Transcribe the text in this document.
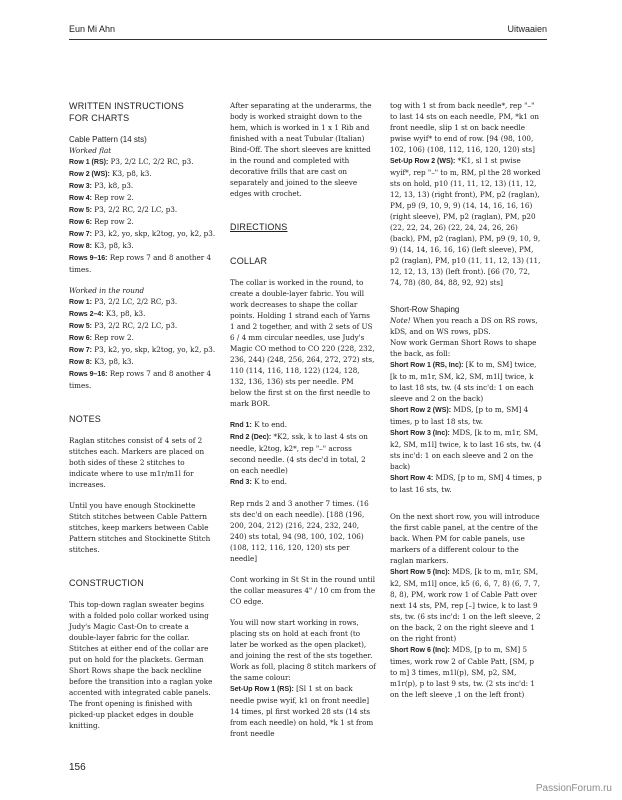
Eun Mi Ahn	Uitwaaien

WRITTEN INSTRUCTIONS
FOR CHARTS

Cable Pattern (14 sts)

Worked flat

Row 1 (RS): P3, 2/2 LC, 2/2 RC, p3.

Row 2 (WS): K3, p8, k3.

Row 3: P3, k8, p3.

Row 4: Rep row 2.

Row 5: P3, 2/2 RC, 2/2 LC, p3.

Row 6: Rep row 2.

Row 7: P3, k2, yo, skp, k2tog, yo, k2, p3.

Row 8: K3, p8, k3.

Rows 9–16: Rep rows 7 and 8 another 4 times.

Worked in the round

Row 1: P3, 2/2 LC, 2/2 RC, p3.

Rows 2–4: K3, p8, k3.

Row 5: P3, 2/2 RC, 2/2 LC, p3.

Row 6: Rep row 2.

Row 7: P3, k2, yo, skp, k2tog, yo, k2, p3.

Row 8: K3, p8, k3.

Rows 9–16: Rep rows 7 and 8 another 4 times.

NOTES

Raglan stitches consist of 4 sets of 2 stitches each. Markers are placed on both sides of these 2 stitches to indicate where to use m1r/m1l for increases.

Until you have enough Stockinette Stitch stitches between Cable Pattern stitches, keep markers between Cable Pattern stitches and Stockinette Stitch stitches.

CONSTRUCTION

This top-down raglan sweater begins with a folded polo collar worked using Judy's Magic Cast-On to create a double-layer fabric for the collar. Stitches at either end of the collar are put on hold for the plackets. German Short Rows shape the back neckline before the transition into a raglan yoke accented with integrated cable panels. The front opening is finished with picked-up placket edges in double knitting.

After separating at the underarms, the body is worked straight down to the hem, which is worked in 1 x 1 Rib and finished with a neat Tubular (Italian) Bind-Off. The short sleeves are knitted in the round and completed with decorative frills that are cast on separately and joined to the sleeve edges with crochet.

DIRECTIONS

COLLAR

The collar is worked in the round, to create a double-layer fabric. You will work decreases to shape the collar points. Holding 1 strand each of Yarns 1 and 2 together, and with 2 sets of US 6 / 4 mm circular needles, use Judy's Magic CO method to CO 220 (228, 232, 236, 244) (248, 256, 264, 272, 272) sts, 110 (114, 116, 118, 122) (124, 128, 132, 136, 136) sts per needle. PM below the first st on the first needle to mark BOR.

Rnd 1: K to end.

Rnd 2 (Dec): *K2, ssk, k to last 4 sts on needle, k2tog, k2*, rep "–" across second needle. (4 sts dec'd in total, 2 on each needle)

Rnd 3: K to end.

Rep rnds 2 and 3 another 7 times. (16 sts dec'd on each needle). [188 (196, 200, 204, 212) (216, 224, 232, 240, 240) sts total, 94 (98, 100, 102, 106) (108, 112, 116, 120, 120) sts per needle]

Cont working in St St in the round until the collar measures 4" / 10 cm from the CO edge.

You will now start working in rows, placing sts on hold at each front (to later be worked as the open placket), and joining the rest of the sts together. Work as foll, placing 8 stitch markers of the same colour:

Set-Up Row 1 (RS): [Sl 1 st on back needle pwise wyif, k1 on front needle] 14 times, pl first worked 28 sts (14 sts from each needle) on hold, *k 1 st from front needle

tog with 1 st from back needle*, rep "–" to last 14 sts on each needle, PM, *k1 on front needle, slip 1 st on back needle pwise wyif* to end of row. [94 (98, 100, 102, 106) (108, 112, 116, 120, 120) sts]

Set-Up Row 2 (WS): *K1, sl 1 st pwise wyif*, rep "–" to m, RM, pl the 28 worked sts on hold, p10 (11, 11, 12, 13) (11, 12, 12, 13, 13) (right front), PM, p2 (raglan), PM, p9 (9, 10, 9, 9) (14, 14, 16, 16, 16) (right sleeve), PM, p2 (raglan), PM, p20 (22, 22, 24, 26) (22, 24, 24, 26, 26) (back), PM, p2 (raglan), PM, p9 (9, 10, 9, 9) (14, 14, 16, 16, 16) (left sleeve), PM, p2 (raglan), PM, p10 (11, 11, 12, 13) (11, 12, 12, 13, 13) (left front). [66 (70, 72, 74, 78) (80, 84, 88, 92, 92) sts]

Short-Row Shaping

Note! When you reach a DS on RS rows, kDS, and on WS rows, pDS.

Now work German Short Rows to shape the back, as foll:

Short Row 1 (RS, Inc): [K to m, SM] twice, [k to m, m1r, SM, k2, SM, m1l] twice, k to last 18 sts, tw. (4 sts inc'd: 1 on each sleeve and 2 on the back)

Short Row 2 (WS): MDS, [p to m, SM] 4 times, p to last 18 sts, tw.

Short Row 3 (Inc): MDS, [k to m, m1r, SM, k2, SM, m1l] twice, k to last 16 sts, tw. (4 sts inc'd: 1 on each sleeve and 2 on the back)

Short Row 4: MDS, [p to m, SM] 4 times, p to last 16 sts, tw.

On the next short row, you will introduce the first cable panel, at the centre of the back. When PM for cable panels, use markers of a different colour to the raglan markers.

Short Row 5 (Inc): MDS, [k to m, m1r, SM, k2, SM, m1l] once, k5 (6, 6, 7, 8) (6, 7, 7, 8, 8), PM, work row 1 of Cable Patt over next 14 sts, PM, rep [–] twice, k to last 9 sts, tw. (6 sts inc'd: 1 on the left sleeve, 2 on the back, 2 on the right sleeve and 1 on the right front)

Short Row 6 (Inc): MDS, [p to m, SM] 5 times, work row 2 of Cable Patt, [SM, p to m] 3 times, m1l(p), SM, p2, SM, m1r(p), p to last 9 sts, tw. (2 sts inc'd: 1 on the left sleeve ,1 on the left front)

156
PassionForum.ru
